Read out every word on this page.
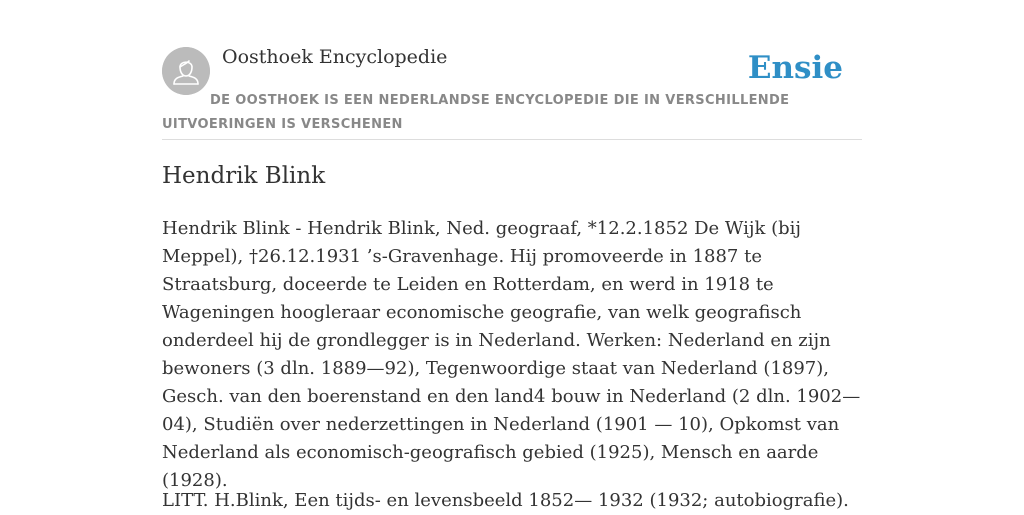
Oosthoek Encyclopedie	Ensie
DE OOSTHOEK IS EEN NEDERLANDSE ENCYCLOPEDIE DIE IN VERSCHILLENDE UITVOERINGEN IS VERSCHENEN
Hendrik Blink

Hendrik Blink - Hendrik Blink, Ned. geograaf, *12.2.1852 De Wijk (bij Meppel), †26.12.1931 ’s-Gravenhage. Hij promoveerde in 1887 te Straatsburg, doceerde te Leiden en Rotterdam, en werd in 1918 te Wageningen hoogleraar economische geografie, van welk geografisch onderdeel hij de grondlegger is in Nederland. Werken: Nederland en zijn bewoners (3 dln. 1889—92), Tegenwoordige staat van Nederland (1897), Gesch. van den boerenstand en den land4 bouw in Nederland (2 dln. 1902—04), Studiën over nederzettingen in Nederland (1901 — 10), Opkomst van Nederland als economisch-geografisch gebied (1925), Mensch en aarde (1928).

LITT. H.Blink, Een tijds- en levensbeeld 1852— 1932 (1932; autobiografie).
